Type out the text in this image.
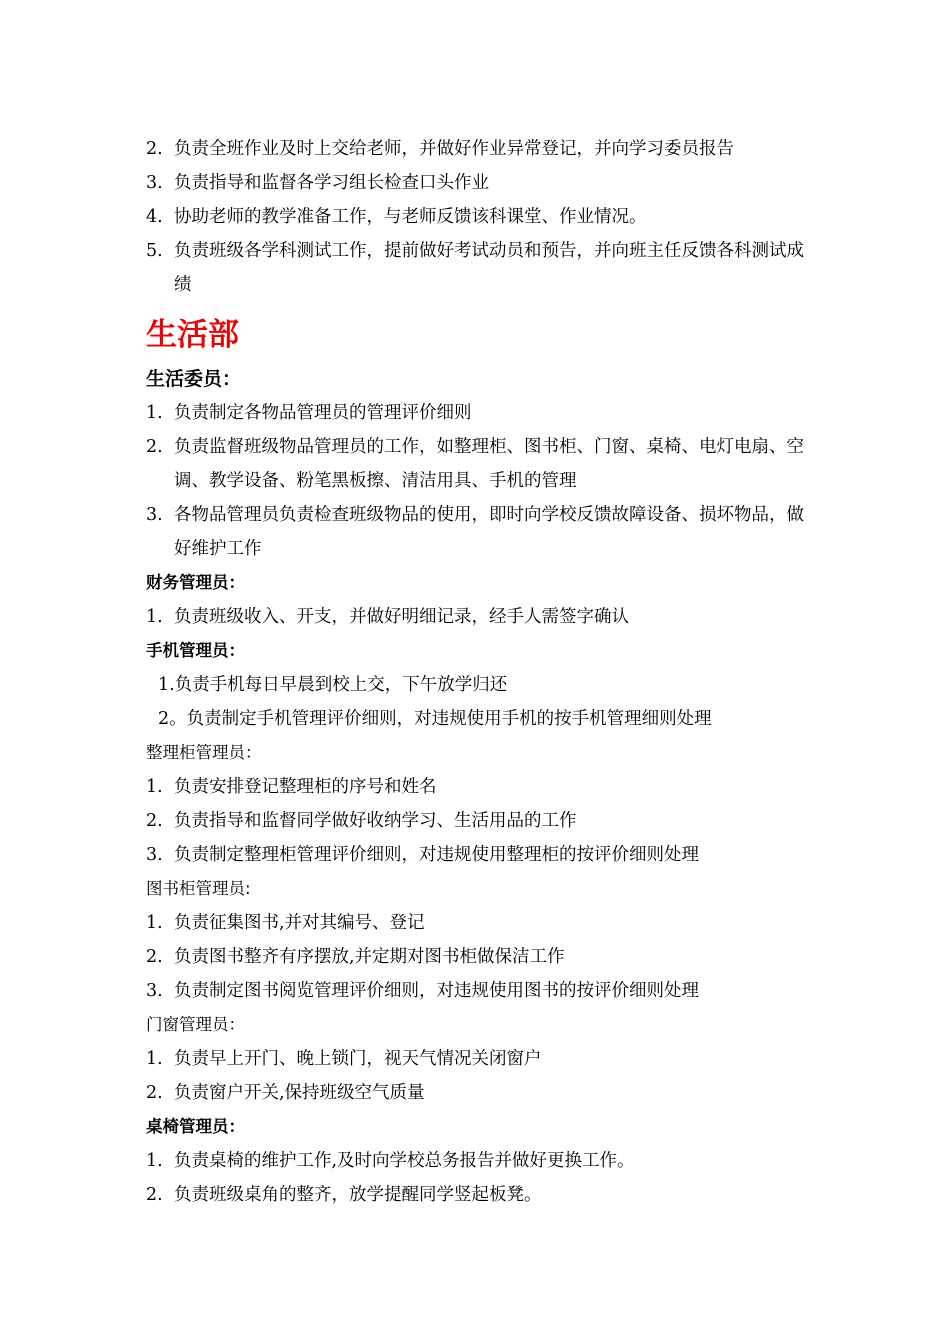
2. 负责全班作业及时上交给老师，并做好作业异常登记，并向学习委员报告
3. 负责指导和监督各学习组长检查口头作业
4. 协助老师的教学准备工作，与老师反馈该科课堂、作业情况。
5. 负责班级各学科测试工作，提前做好考试动员和预告，并向班主任反馈各科测试成绩
生活部
生活委员：
1. 负责制定各物品管理员的管理评价细则
2. 负责监督班级物品管理员的工作，如整理柜、图书柜、门窗、桌椅、电灯电扇、空调、教学设备、粉笔黑板擦、清洁用具、手机的管理
3. 各物品管理员负责检查班级物品的使用，即时向学校反馈故障设备、损坏物品，做好维护工作
财务管理员：
1. 负责班级收入、开支，并做好明细记录，经手人需签字确认
手机管理员：
1.负责手机每日早晨到校上交，下午放学归还
2。负责制定手机管理评价细则，对违规使用手机的按手机管理细则处理
整理柜管理员：
1. 负责安排登记整理柜的序号和姓名
2. 负责指导和监督同学做好收纳学习、生活用品的工作
3. 负责制定整理柜管理评价细则，对违规使用整理柜的按评价细则处理
图书柜管理员:
1. 负责征集图书,并对其编号、登记
2. 负责图书整齐有序摆放,并定期对图书柜做保洁工作
3. 负责制定图书阅览管理评价细则，对违规使用图书的按评价细则处理
门窗管理员：
1. 负责早上开门、晚上锁门，视天气情况关闭窗户
2. 负责窗户开关,保持班级空气质量
桌椅管理员：
1. 负责桌椅的维护工作,及时向学校总务报告并做好更换工作。
2. 负责班级桌角的整齐，放学提醒同学竖起板凳。
